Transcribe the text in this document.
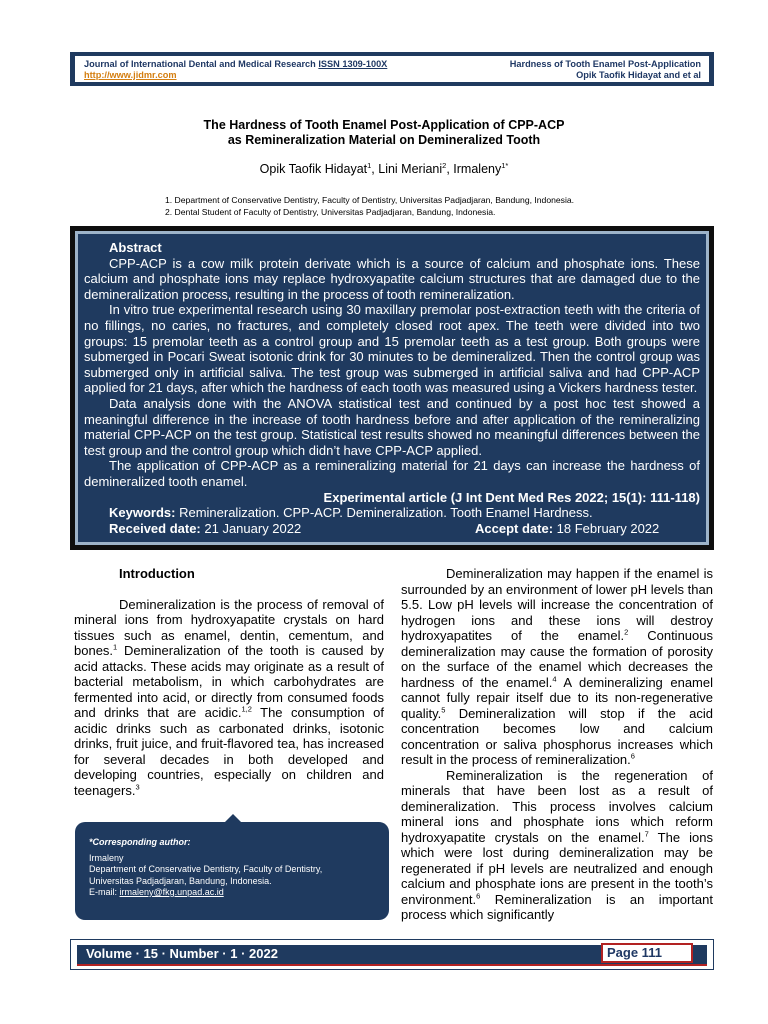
Journal of International Dental and Medical Research ISSN 1309-100X
http://www.jidmr.com
Hardness of Tooth Enamel Post-Application
Opik Taofik Hidayat and et al
The Hardness of Tooth Enamel Post-Application of CPP-ACP
as Remineralization Material on Demineralized Tooth
Opik Taofik Hidayat$^1$, Lini Meriani$^2$, Irmaleny$^{1*}$
1. Department of Conservative Dentistry, Faculty of Dentistry, Universitas Padjadjaran, Bandung, Indonesia.
2. Dental Student of Faculty of Dentistry, Universitas Padjadjaran, Bandung, Indonesia.

Abstract

CPP-ACP is a cow milk protein derivate which is a source of calcium and phosphate ions. These calcium and phosphate ions may replace hydroxyapatite calcium structures that are damaged due to the demineralization process, resulting in the process of tooth remineralization.

In vitro true experimental research using 30 maxillary premolar post-extraction teeth with the criteria of no fillings, no caries, no fractures, and completely closed root apex. The teeth were divided into two groups: 15 premolar teeth as a control group and 15 premolar teeth as a test group. Both groups were submerged in Pocari Sweat isotonic drink for 30 minutes to be demineralized. Then the control group was submerged only in artificial saliva. The test group was submerged in artificial saliva and had CPP-ACP applied for 21 days, after which the hardness of each tooth was measured using a Vickers hardness tester.

Data analysis done with the ANOVA statistical test and continued by a post hoc test showed a meaningful difference in the increase of tooth hardness before and after application of the remineralizing material CPP-ACP on the test group. Statistical test results showed no meaningful differences between the test group and the control group which didn’t have CPP-ACP applied.

The application of CPP-ACP as a remineralizing material for 21 days can increase the hardness of demineralized tooth enamel.

Experimental article (J Int Dent Med Res 2022; 15(1): 111-118)

Keywords: Remineralization. CPP-ACP. Demineralization. Tooth Enamel Hardness.

Received date: 21 January 2022	Accept date: 18 February 2022

Introduction

Demineralization is the process of removal of mineral ions from hydroxyapatite crystals on hard tissues such as enamel, dentin, cementum, and bones.$^1$ Demineralization of the tooth is caused by acid attacks. These acids may originate as a result of bacterial metabolism, in which carbohydrates are fermented into acid, or directly from consumed foods and drinks that are acidic.$^{1,2}$ The consumption of acidic drinks such as carbonated drinks, isotonic drinks, fruit juice, and fruit-flavored tea, has increased for several decades in both developed and developing countries, especially on children and teenagers.$^3$

*Corresponding author:
Irmaleny
Department of Conservative Dentistry, Faculty of Dentistry,
Universitas Padjadjaran, Bandung, Indonesia.
E-mail: irmaleny@fkg.unpad.ac.id

Demineralization may happen if the enamel is surrounded by an environment of lower pH levels than 5.5. Low pH levels will increase the concentration of hydrogen ions and these ions will destroy hydroxyapatites of the enamel.$^2$ Continuous demineralization may cause the formation of porosity on the surface of the enamel which decreases the hardness of the enamel.$^4$ A demineralizing enamel cannot fully repair itself due to its non-regenerative quality.$^5$ Demineralization will stop if the acid concentration becomes low and calcium concentration or saliva phosphorus increases which result in the process of remineralization.$^6$

Remineralization is the regeneration of minerals that have been lost as a result of demineralization. This process involves calcium mineral ions and phosphate ions which reform hydroxyapatite crystals on the enamel.$^7$ The ions which were lost during demineralization may be regenerated if pH levels are neutralized and enough calcium and phosphate ions are present in the tooth’s environment.$^6$ Remineralization is an important process which significantly

Volume · 15 · Number · 1 · 2022	Page 111
